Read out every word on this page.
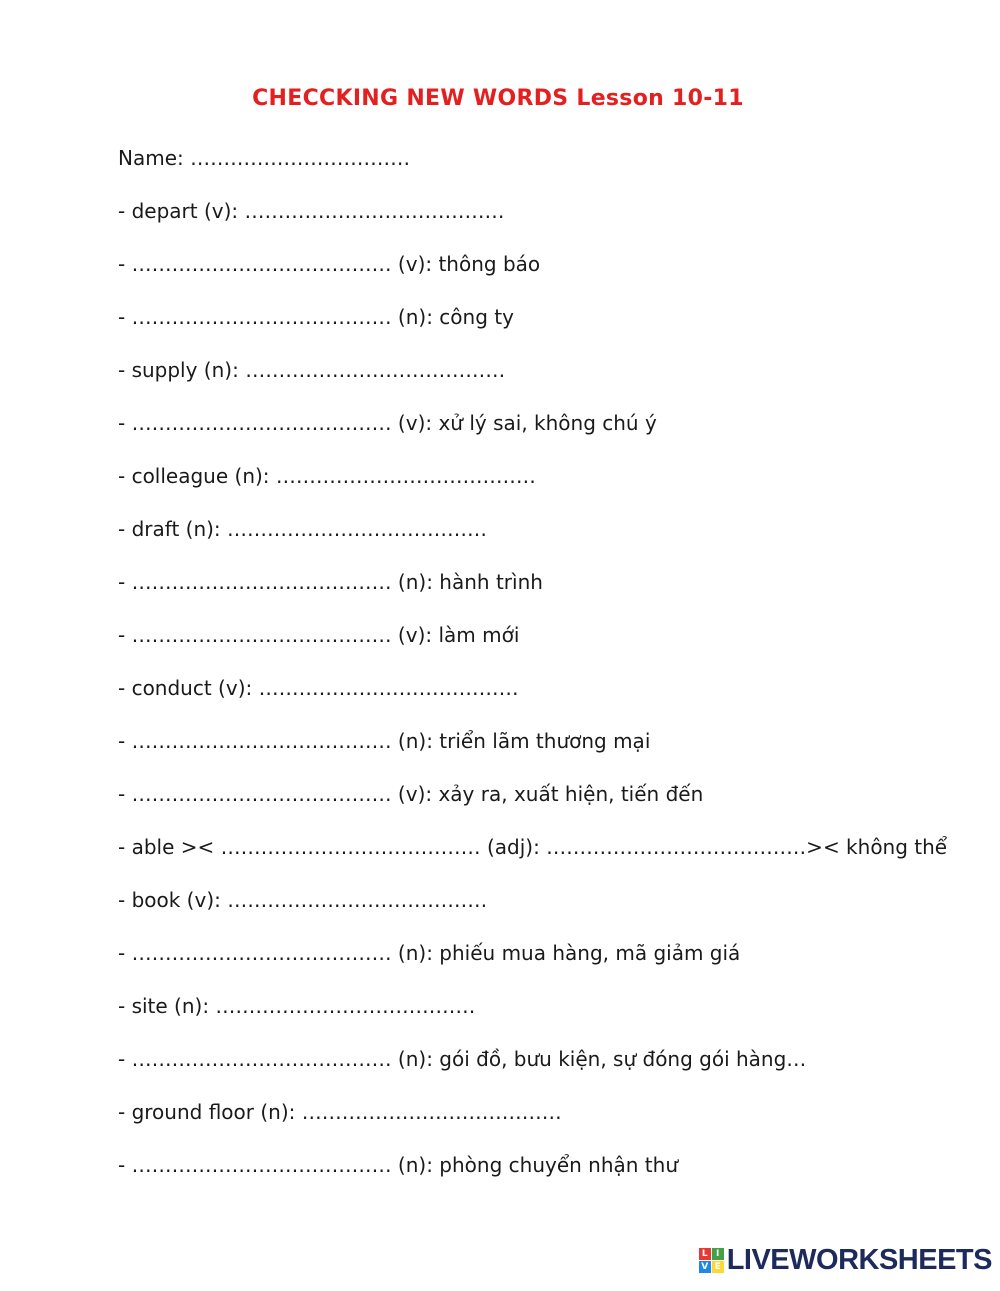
CHECCKING NEW WORDS Lesson 10-11
Name: ……………………………
- depart (v): …………………………………
- ………………………………… (v): thông báo
- ………………………………… (n): công ty
- supply (n): …………………………………
- ………………………………… (v): xử lý sai, không chú ý
- colleague (n): …………………………………
- draft (n): …………………………………
- ………………………………… (n): hành trình
- ………………………………… (v): làm mới
- conduct (v): …………………………………
- ………………………………… (n): triển lãm thương mại
- ………………………………… (v): xảy ra, xuất hiện, tiến đến
- able >< ………………………………… (adj): …………………………………>< không thể
- book (v): …………………………………
- ………………………………… (n): phiếu mua hàng, mã giảm giá
- site (n): …………………………………
- ………………………………… (n): gói đồ, bưu kiện, sự đóng gói hàng…
- ground floor (n): …………………………………
- ………………………………… (n): phòng chuyển nhận thư
L I
V E LIVEWORKSHEETS
